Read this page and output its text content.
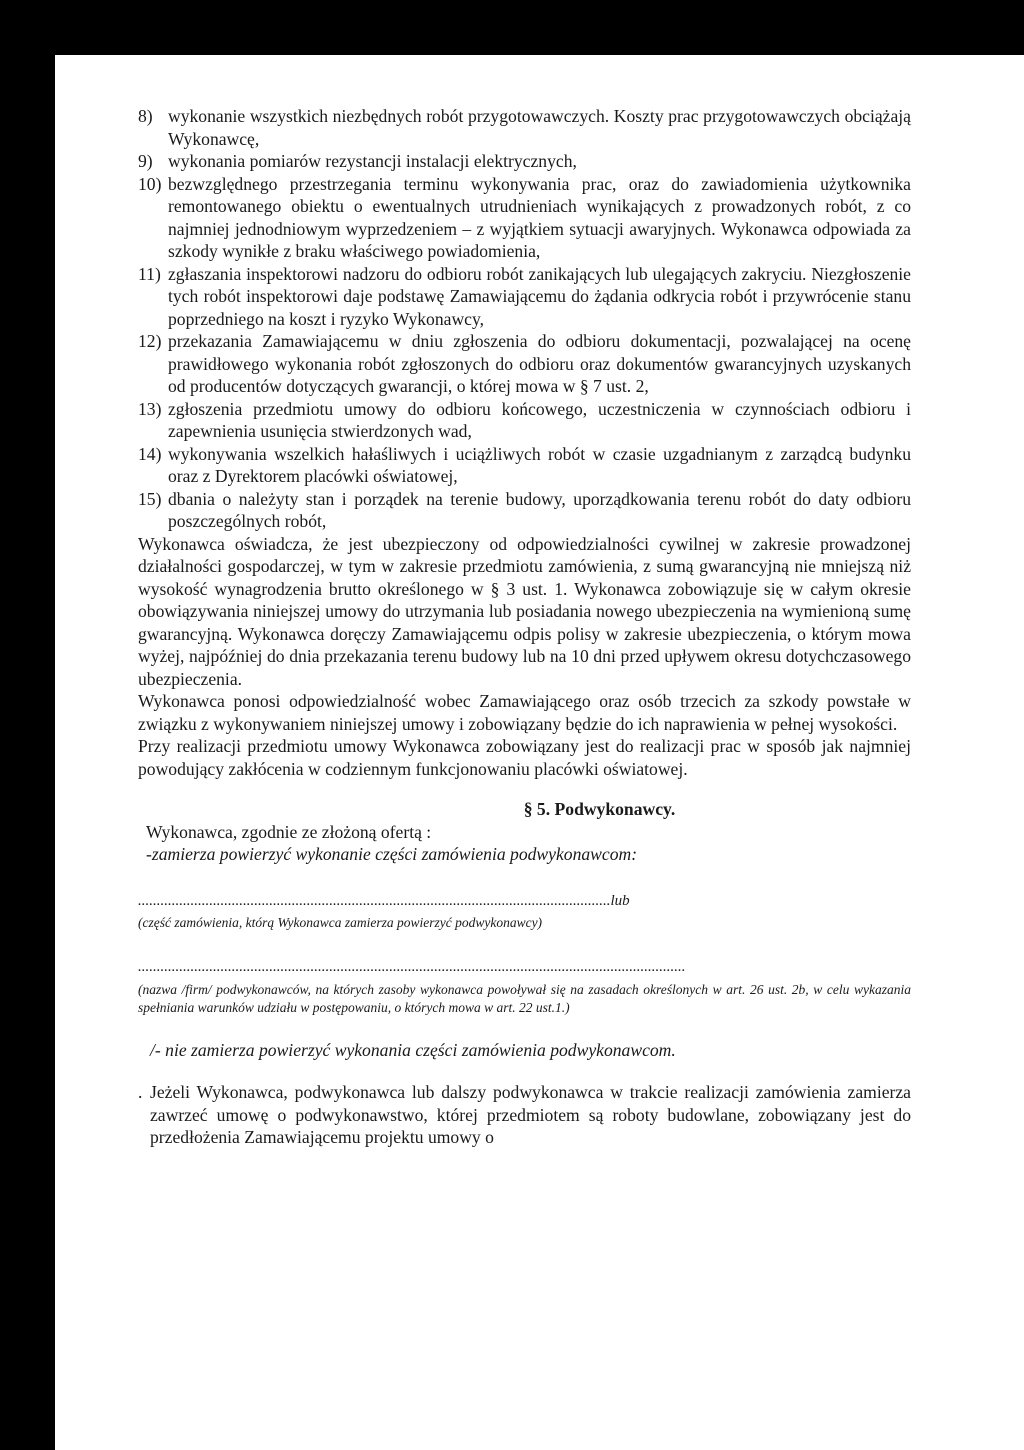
8) wykonanie wszystkich niezbędnych robót przygotowawczych. Koszty prac przygotowawczych obciążają Wykonawcę,
9) wykonania pomiarów rezystancji instalacji elektrycznych,
10) bezwzględnego przestrzegania terminu wykonywania prac, oraz do zawiadomienia użytkownika remontowanego obiektu o ewentualnych utrudnieniach wynikających z prowadzonych robót, z co najmniej jednodniowym wyprzedzeniem – z wyjątkiem sytuacji awaryjnych. Wykonawca odpowiada za szkody wynikłe z braku właściwego powiadomienia,
11) zgłaszania inspektorowi nadzoru do odbioru robót zanikających lub ulegających zakryciu. Niezgłoszenie tych robót inspektorowi daje podstawę Zamawiającemu do żądania odkrycia robót i przywrócenie stanu poprzedniego na koszt i ryzyko Wykonawcy,
12) przekazania Zamawiającemu w dniu zgłoszenia do odbioru dokumentacji, pozwalającej na ocenę prawidłowego wykonania robót zgłoszonych do odbioru oraz dokumentów gwarancyjnych uzyskanych od producentów dotyczących gwarancji, o której mowa w § 7 ust. 2,
13) zgłoszenia przedmiotu umowy do odbioru końcowego, uczestniczenia w czynnościach odbioru i zapewnienia usunięcia stwierdzonych wad,
14) wykonywania wszelkich hałaśliwych i uciążliwych robót w czasie uzgadnianym z zarządcą budynku oraz z Dyrektorem placówki oświatowej,
15) dbania o należyty stan i porządek na terenie budowy, uporządkowania terenu robót do daty odbioru poszczególnych robót,
Wykonawca oświadcza, że jest ubezpieczony od odpowiedzialności cywilnej w zakresie prowadzonej działalności gospodarczej, w tym w zakresie przedmiotu zamówienia, z sumą gwarancyjną nie mniejszą niż wysokość wynagrodzenia brutto określonego w § 3 ust. 1. Wykonawca zobowiązuje się w całym okresie obowiązywania niniejszej umowy do utrzymania lub posiadania nowego ubezpieczenia na wymienioną sumę gwarancyjną. Wykonawca doręczy Zamawiającemu odpis polisy w zakresie ubezpieczenia, o którym mowa wyżej, najpóźniej do dnia przekazania terenu budowy lub na 10 dni przed upływem okresu dotychczasowego ubezpieczenia.
Wykonawca ponosi odpowiedzialność wobec Zamawiającego oraz osób trzecich za szkody powstałe w związku z wykonywaniem niniejszej umowy i zobowiązany będzie do ich naprawienia w pełnej wysokości.
Przy realizacji przedmiotu umowy Wykonawca zobowiązany jest do realizacji prac w sposób jak najmniej powodujący zakłócenia w codziennym funkcjonowaniu placówki oświatowej.
§ 5. Podwykonawcy.
Wykonawca, zgodnie ze złożoną ofertą :
-zamierza powierzyć wykonanie części zamówienia podwykonawcom:
..............................................................................................................................lub
(część zamówienia, którą Wykonawca zamierza powierzyć podwykonawcy)
..................................................................................................................................................
(nazwa /firm/ podwykonawców, na których zasoby wykonawca powoływał się na zasadach określonych w art. 26 ust. 2b, w celu wykazania spełniania warunków udziału w postępowaniu, o których mowa w art. 22 ust.1.)
/- nie zamierza powierzyć wykonania części zamówienia podwykonawcom.
. Jeżeli Wykonawca, podwykonawca lub dalszy podwykonawca w trakcie realizacji zamówienia zamierza zawrzeć umowę o podwykonawstwo, której przedmiotem są roboty budowlane, zobowiązany jest do przedłożenia Zamawiającemu projektu umowy o
